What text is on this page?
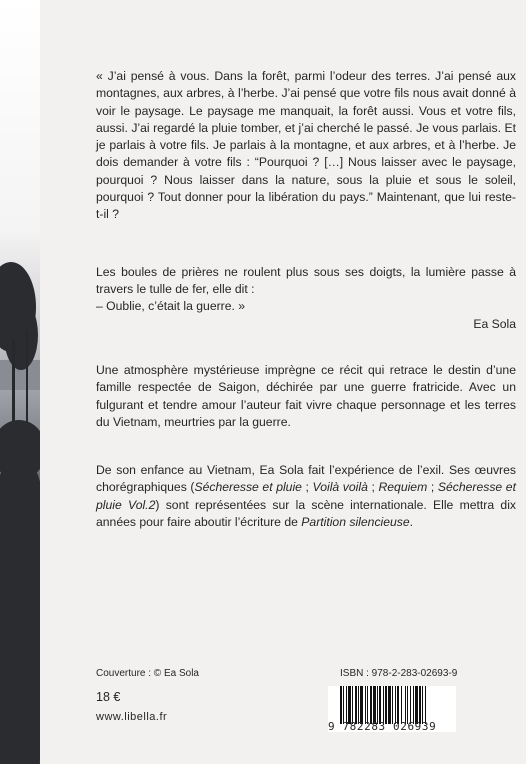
« J’ai pensé à vous. Dans la forêt, parmi l’odeur des terres. J’ai pensé aux montagnes, aux arbres, à l’herbe. J’ai pensé que votre fils nous avait donné à voir le paysage. Le paysage me manquait, la forêt aussi. Vous et votre fils, aussi. J’ai regardé la pluie tomber, et j’ai cherché le passé. Je vous parlais. Et je parlais à votre fils. Je parlais à la montagne, et aux arbres, et à l’herbe. Je dois demander à votre fils : “Pourquoi ? […] Nous laisser avec le paysage, pourquoi ? Nous laisser dans la nature, sous la pluie et sous le soleil, pourquoi ? Tout donner pour la libération du pays.” Maintenant, que lui reste-t-il ?

Les boules de prières ne roulent plus sous ses doigts, la lumière passe à travers le tulle de fer, elle dit :

– Oublie, c’était la guerre. »

Ea Sola

Une atmosphère mystérieuse imprègne ce récit qui retrace le destin d’une famille respectée de Saigon, déchirée par une guerre fratricide. Avec un fulgurant et tendre amour l’auteur fait vivre chaque personnage et les terres du Vietnam, meurtries par la guerre.

De son enfance au Vietnam, Ea Sola fait l’expérience de l’exil. Ses œuvres chorégraphiques (Sécheresse et pluie ; Voilà voilà ; Requiem ; Sécheresse et pluie Vol.2) sont représentées sur la scène internationale. Elle mettra dix années pour faire aboutir l’écriture de Partition silencieuse.

Couverture : © Ea Sola
18 €
www.libella.fr
ISBN : 978-2-283-02693-9
9 782283 026939
